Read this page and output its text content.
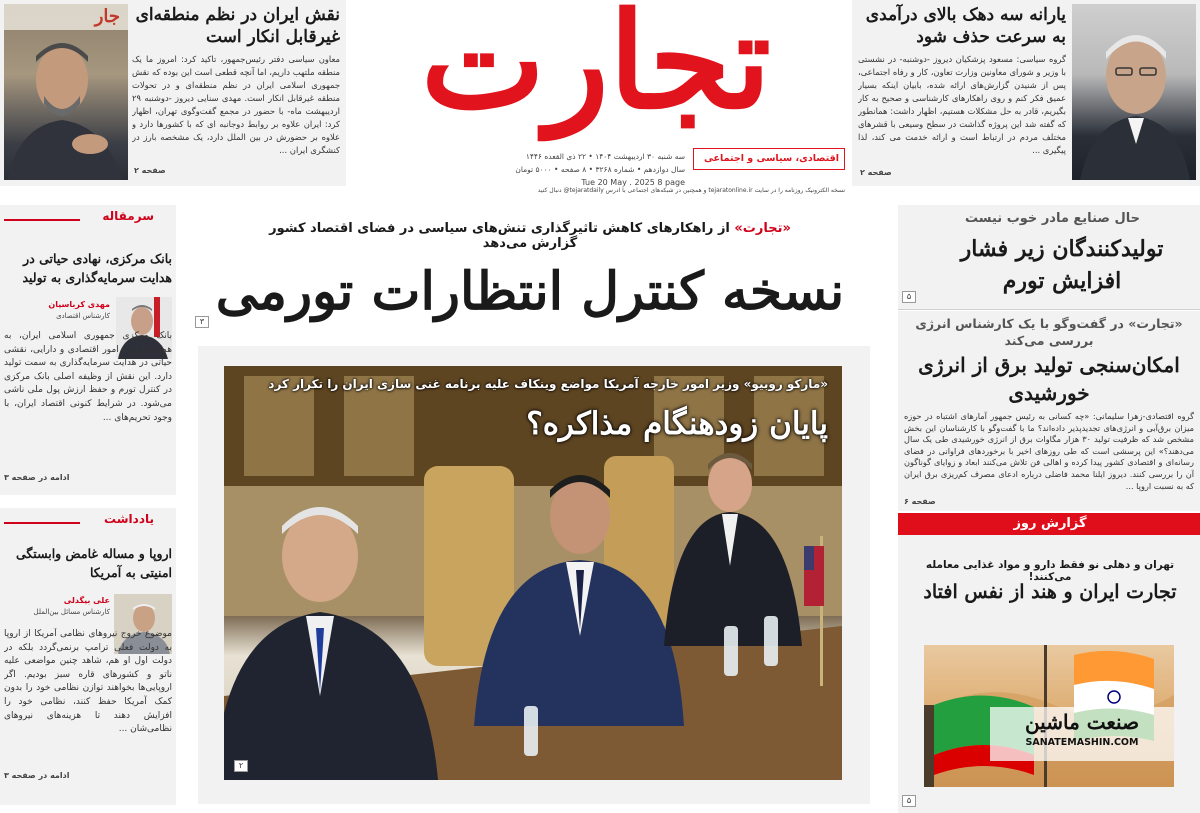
تجارت
اقتصادی، سیاسی و اجتماعی
سه شنبه ۳۰ اردیبهشت ۱۴۰۴ • ۲۲ ذی القعده ۱۴۴۶
سال دوازدهم • شماره ۳۲۶۸ • ۸ صفحه • ۵۰۰۰ تومان
Tue 20 May . 2025 8 page
نسخه الکترونیک روزنامه را در سایت tejaratonline.ir و همچنین در شبکه‌های اجتماعی با آدرس tejaratdaily@ دنبال کنید
یارانه سه دهک بالای درآمدی به سرعت حذف شود
گروه سیاسی: مسعود پزشکیان دیروز -دوشنبه- در نشستی با وزیر و شورای معاونین وزارت تعاون، کار و رفاه اجتماعی، پس از شنیدن گزارش‌های ارائه شده، بابیان اینکه بسیار عمیق فکر کنم و روی راهکارهای کارشناسی و صحیح به کار بگیریم، قادر به حل مشکلات هستیم، اظهار داشت: همانطور که گفته شد این پروژه گذاشت در سطح وسیعی با قشرهای مختلف مردم در ارتباط است و ارائه خدمت می کند، لذا پیگیری ...
صفحه ۲
جار نقش ایران در نظم منطقه‌ای غیرقابل انکار است
معاون سیاسی دفتر رئیس‌جمهور، تاکید کرد: امروز ما یک منطقه ملتهب داریم، اما آنچه قطعی است این بوده که نقش جمهوری اسلامی ایران در نظم منطقه‌ای و در تحولات منطقه غیرقابل انکار است. مهدی سنایی دیروز -دوشنبه ۲۹ اردیبهشت ماه- با حضور در مجمع گفت‌وگوی تهران، اظهار کرد: ایران علاوه بر روابط دوجانبه ای که با کشورها دارد و علاوه بر حضورش در بین الملل دارد، یک مشخصه بارز در کنشگری ایران ...
صفحه ۲
سرمقاله
بانک مرکزی، نهادی حیاتی در هدایت سرمایه‌گذاری به تولید
مهدی کرباسیان
کارشناس اقتصادی
بانک مرکزی جمهوری اسلامی ایران، به همراه وزارت امور اقتصادی و دارایی، نقشی حیاتی در هدایت سرمایه‌گذاری به سمت تولید دارد. این نقش از وظیفه اصلی بانک مرکزی در کنترل تورم و حفظ ارزش پول ملی ناشی می‌شود. در شرایط کنونی اقتصاد ایران، با وجود تحریم‌های ...
ادامه در صفحه ۳
یادداشت
اروپا و مساله غامض وابستگی امنیتی به آمریکا
علی بیگدلی
کارشناس مسائل بین‌الملل
موضوع خروج نیروهای نظامی آمریکا از اروپا به دولت فعلی ترامپ برنمی‌گردد بلکه در دولت اول او هم، شاهد چنین مواضعی علیه ناتو و کشورهای قاره سبز بودیم. اگر اروپایی‌ها بخواهند توازن نظامی خود را بدون کمک آمریکا حفظ کنند، نظامی خود را افزایش دهند تا هزینه‌های نیروهای نظامی‌شان ...
ادامه در صفحه ۳
«تجارت» از راهکارهای کاهش تاثیرگذاری تنش‌های سیاسی در فضای اقتصاد کشور گزارش می‌دهد
نسخه کنترل انتظارات تورمی
۳
۲
«مارکو روبیو» وزیر امور خارجه آمریکا مواضع وینکاف علیه برنامه غنی سازی ایران را تکرار کرد
پایان زودهنگام مذاکره؟
حال صنایع مادر خوب نیست
تولیدکنندگان زیر فشار افزایش تورم
۵
«تجارت» در گفت‌وگو با یک کارشناس انرژی بررسی می‌کند
امکان‌سنجی تولید برق از انرژی خورشیدی
گروه اقتصادی-زهرا سلیمانی: «چه کسانی به رئیس جمهور آمارهای اشتباه در حوزه میزان برق‌آبی و انرژی‌های تجدیدپذیر داده‌اند؟ ما با گفت‌وگو با کارشناسان این بخش مشخص شد که ظرفیت تولید ۳۰ هزار مگاوات برق از انرژی خورشیدی طی یک سال می‌دهند؟» این پرسشی است که طی روزهای اخیر با برخوردهای فراوانی در فضای رسانه‌ای و اقتصادی کشور پیدا کرده و اهالی فن تلاش می‌کنند ابعاد و زوایای گوناگون آن را بررسی کنند. دیروز ایلنا محمد فاضلی درباره ادعای مصرف کم‌ریزی برق ایران که به نسبت اروپا ...
صفحه ۶
گزارش روز
تهران و دهلی نو فقط دارو و مواد غذایی معامله می‌کنند!
تجارت ایران و هند از نفس افتاد
صنعت ماشین
SANATEMASHIN.COM
۵
